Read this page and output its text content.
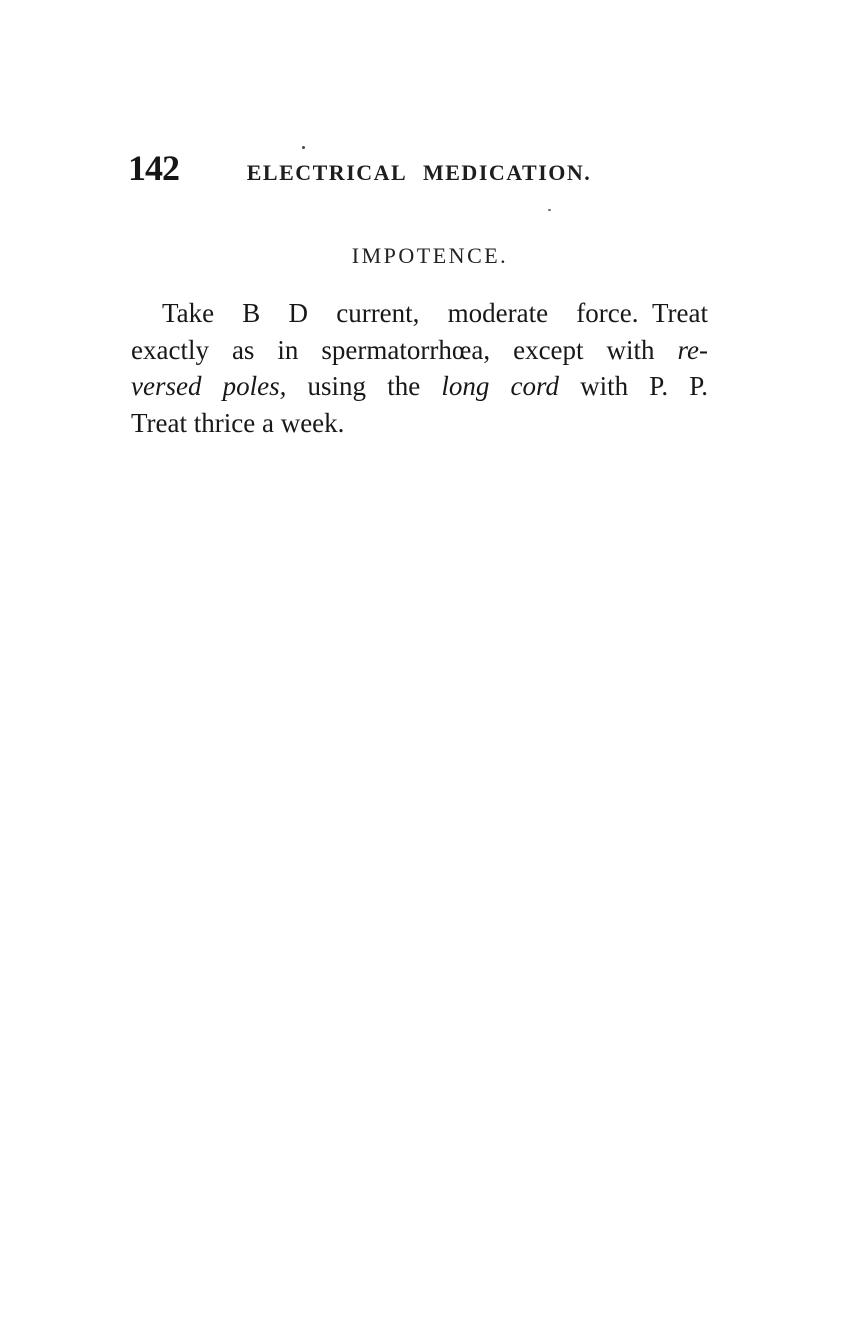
142	ELECTRICAL MEDICATION.
IMPOTENCE.
Take B D current, moderate force. Treat
exactly as in spermatorrhœa, except with re-
versed poles, using the long cord with P. P.
Treat thrice a week.
